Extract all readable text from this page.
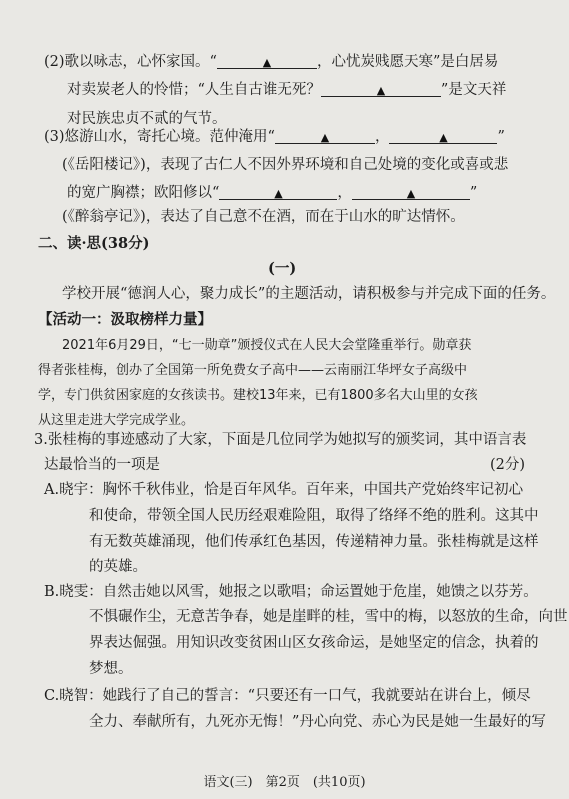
(2)歌以咏志，心怀家国。“	▲	，心忧炭贱愿天寒”是白居易
对卖炭老人的怜惜；“人生自古谁无死？	▲	”是文天祥
对民族忠贞不贰的气节。
(3)悠游山水，寄托心境。范仲淹用“	▲	，	▲	”
(《岳阳楼记》)，表现了古仁人不因外界环境和自己处境的变化或喜或悲
的宽广胸襟；欧阳修以“	▲	，	▲	”
(《醉翁亭记》)，表达了自己意不在酒，而在于山水的旷达情怀。
二、读·思(38分)
(一)
学校开展“德润人心，聚力成长”的主题活动，请积极参与并完成下面的任务。
【活动一：汲取榜样力量】
2021年6月29日，“七一勋章”颁授仪式在人民大会堂隆重举行。勋章获
得者张桂梅，创办了全国第一所免费女子高中——云南丽江华坪女子高级中
学，专门供贫困家庭的女孩读书。建校13年来，已有1800多名大山里的女孩
从这里走进大学完成学业。
3.张桂梅的事迹感动了大家，下面是几位同学为她拟写的颁奖词，其中语言表
达最恰当的一项是	(2分)
A.晓宇：胸怀千秋伟业，恰是百年风华。百年来，中国共产党始终牢记初心
和使命，带领全国人民历经艰难险阻，取得了络绎不绝的胜利。这其中
有无数英雄涌现，他们传承红色基因，传递精神力量。张桂梅就是这样
的英雄。
B.晓雯：自然击她以风雪，她报之以歌唱；命运置她于危崖，她馈之以芬芳。
不惧碾作尘，无意苦争春，她是崖畔的桂，雪中的梅，以怒放的生命，向世
界表达倔强。用知识改变贫困山区女孩命运，是她坚定的信念，执着的
梦想。
C.晓智：她践行了自己的誓言：“只要还有一口气，我就要站在讲台上，倾尽
全力、奉献所有，九死亦无悔！”丹心向党、赤心为民是她一生最好的写
语文(三)　第2页　(共10页)
